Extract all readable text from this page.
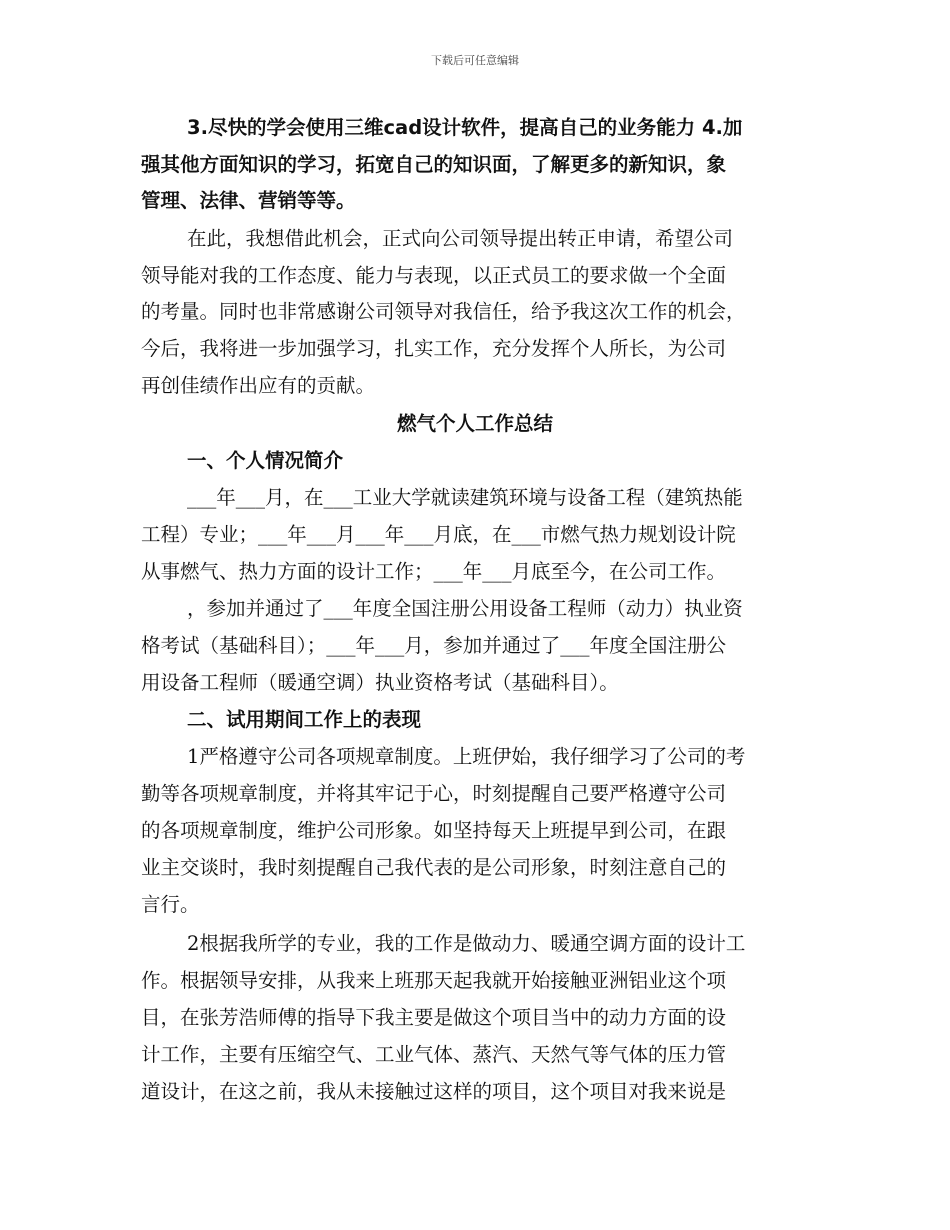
下载后可任意编辑
3.尽快的学会使用三维cad设计软件，提高自己的业务能力 4.加
强其他方面知识的学习，拓宽自己的知识面，了解更多的新知识，象
管理、法律、营销等等。
在此，我想借此机会，正式向公司领导提出转正申请，希望公司
领导能对我的工作态度、能力与表现，以正式员工的要求做一个全面
的考量。同时也非常感谢公司领导对我信任，给予我这次工作的机会，
今后，我将进一步加强学习，扎实工作，充分发挥个人所长，为公司
再创佳绩作出应有的贡献。
燃气个人工作总结
一、个人情况简介
___年___月，在___工业大学就读建筑环境与设备工程（建筑热能
工程）专业；___年___月___年___月底，在___市燃气热力规划设计院
从事燃气、热力方面的设计工作；___年___月底至今，在公司工作。
，参加并通过了___年度全国注册公用设备工程师（动力）执业资
格考试（基础科目）；___年___月，参加并通过了___年度全国注册公
用设备工程师（暖通空调）执业资格考试（基础科目）。
二、试用期间工作上的表现
1严格遵守公司各项规章制度。上班伊始，我仔细学习了公司的考
勤等各项规章制度，并将其牢记于心，时刻提醒自己要严格遵守公司
的各项规章制度，维护公司形象。如坚持每天上班提早到公司，在跟
业主交谈时，我时刻提醒自己我代表的是公司形象，时刻注意自己的
言行。
2根据我所学的专业，我的工作是做动力、暖通空调方面的设计工
作。根据领导安排，从我来上班那天起我就开始接触亚洲铝业这个项
目，在张芳浩师傅的指导下我主要是做这个项目当中的动力方面的设
计工作，主要有压缩空气、工业气体、蒸汽、天然气等气体的压力管
道设计，在这之前，我从未接触过这样的项目，这个项目对我来说是
